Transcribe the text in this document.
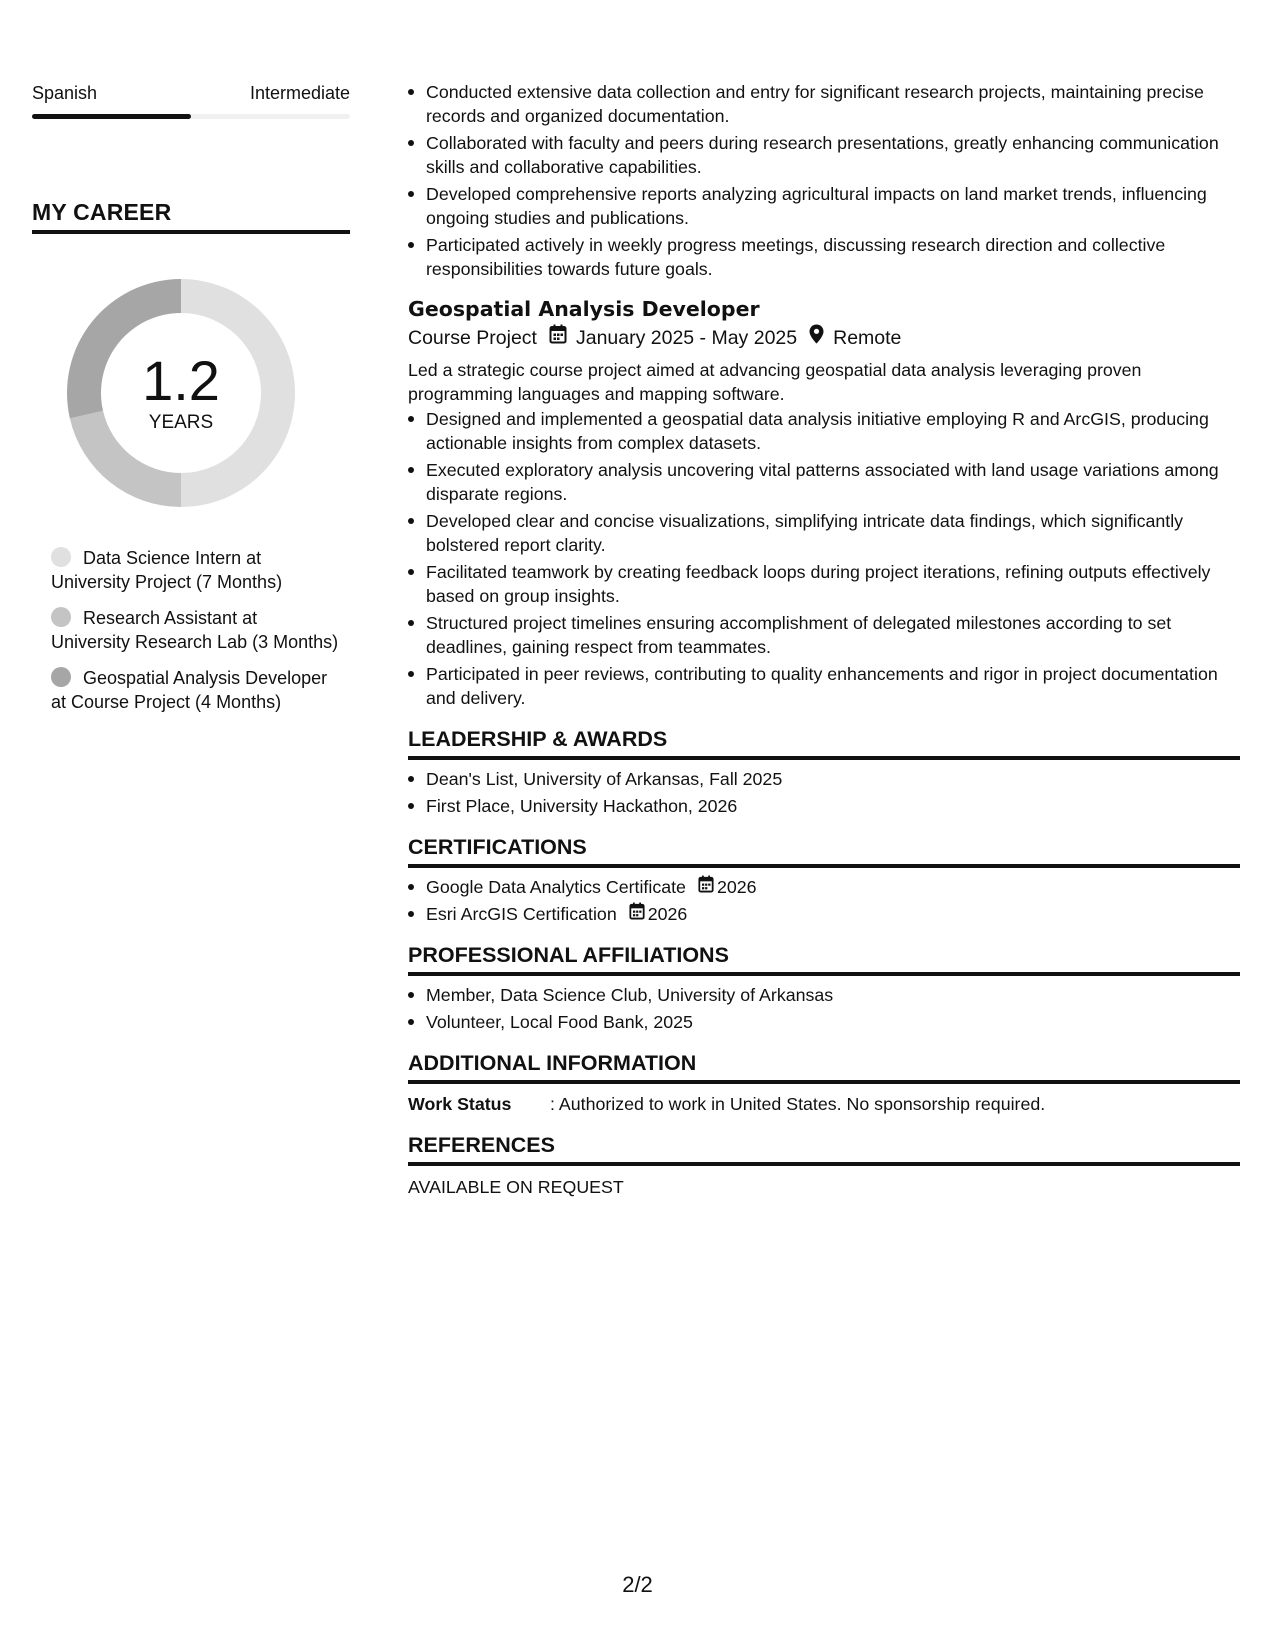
Spanish	Intermediate
MY CAREER
1.2
YEARS
Data Science Intern at University Project (7 Months)
Research Assistant at University Research Lab (3 Months)
Geospatial Analysis Developer at Course Project (4 Months)
Conducted extensive data collection and entry for significant research projects, maintaining precise records and organized documentation.
Collaborated with faculty and peers during research presentations, greatly enhancing communication skills and collaborative capabilities.
Developed comprehensive reports analyzing agricultural impacts on land market trends, influencing ongoing studies and publications.
Participated actively in weekly progress meetings, discussing research direction and collective responsibilities towards future goals.
Geospatial Analysis Developer
Course Project January 2025 - May 2025 Remote
Led a strategic course project aimed at advancing geospatial data analysis leveraging proven programming languages and mapping software.
Designed and implemented a geospatial data analysis initiative employing R and ArcGIS, producing actionable insights from complex datasets.
Executed exploratory analysis uncovering vital patterns associated with land usage variations among disparate regions.
Developed clear and concise visualizations, simplifying intricate data findings, which significantly bolstered report clarity.
Facilitated teamwork by creating feedback loops during project iterations, refining outputs effectively based on group insights.
Structured project timelines ensuring accomplishment of delegated milestones according to set deadlines, gaining respect from teammates.
Participated in peer reviews, contributing to quality enhancements and rigor in project documentation and delivery.
LEADERSHIP & AWARDS
Dean's List, University of Arkansas, Fall 2025
First Place, University Hackathon, 2026
CERTIFICATIONS
Google Data Analytics Certificate 2026
Esri ArcGIS Certification 2026
PROFESSIONAL AFFILIATIONS
Member, Data Science Club, University of Arkansas
Volunteer, Local Food Bank, 2025
ADDITIONAL INFORMATION
Work Status	: Authorized to work in United States. No sponsorship required.
REFERENCES
AVAILABLE ON REQUEST
2/2
